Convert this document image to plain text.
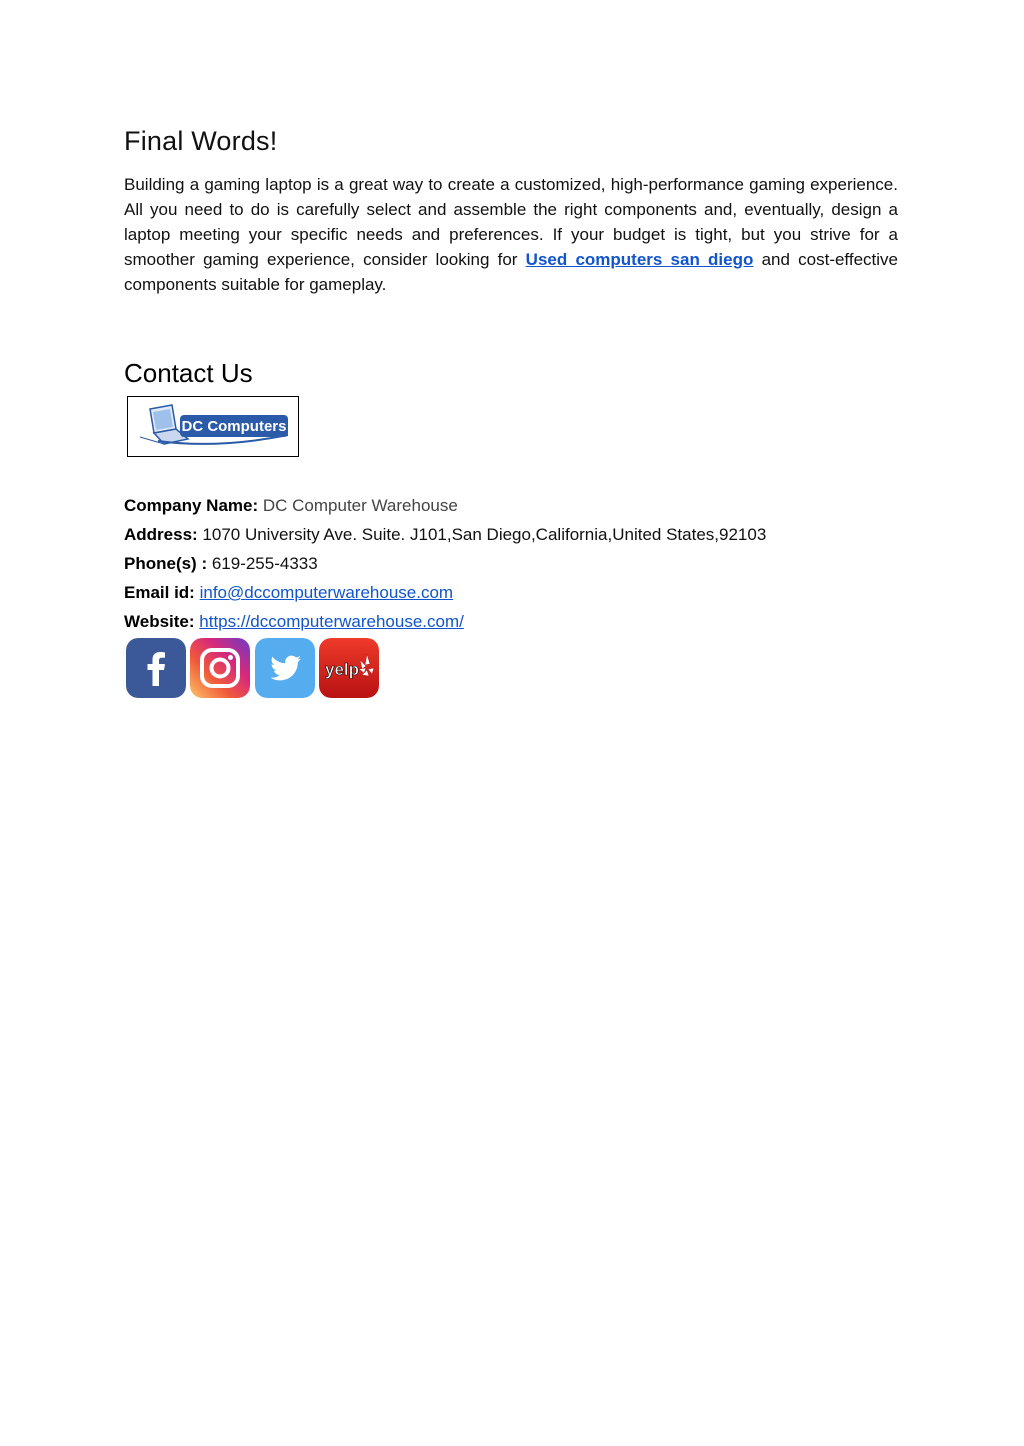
Final Words!

Building a gaming laptop is a great way to create a customized, high-performance gaming experience. All you need to do is carefully select and assemble the right components and, eventually, design a laptop meeting your specific needs and preferences. If your budget is tight, but you strive for a smoother gaming experience, consider looking for Used computers san diego and cost-effective components suitable for gameplay.

Contact Us
DC Computers
Company Name: DC Computer Warehouse
Address: 1070 University Ave. Suite. J101,San Diego,California,United States,92103
Phone(s) : 619-255-4333
Email id: info@dccomputerwarehouse.com
Website: https://dccomputerwarehouse.com/
yelp
